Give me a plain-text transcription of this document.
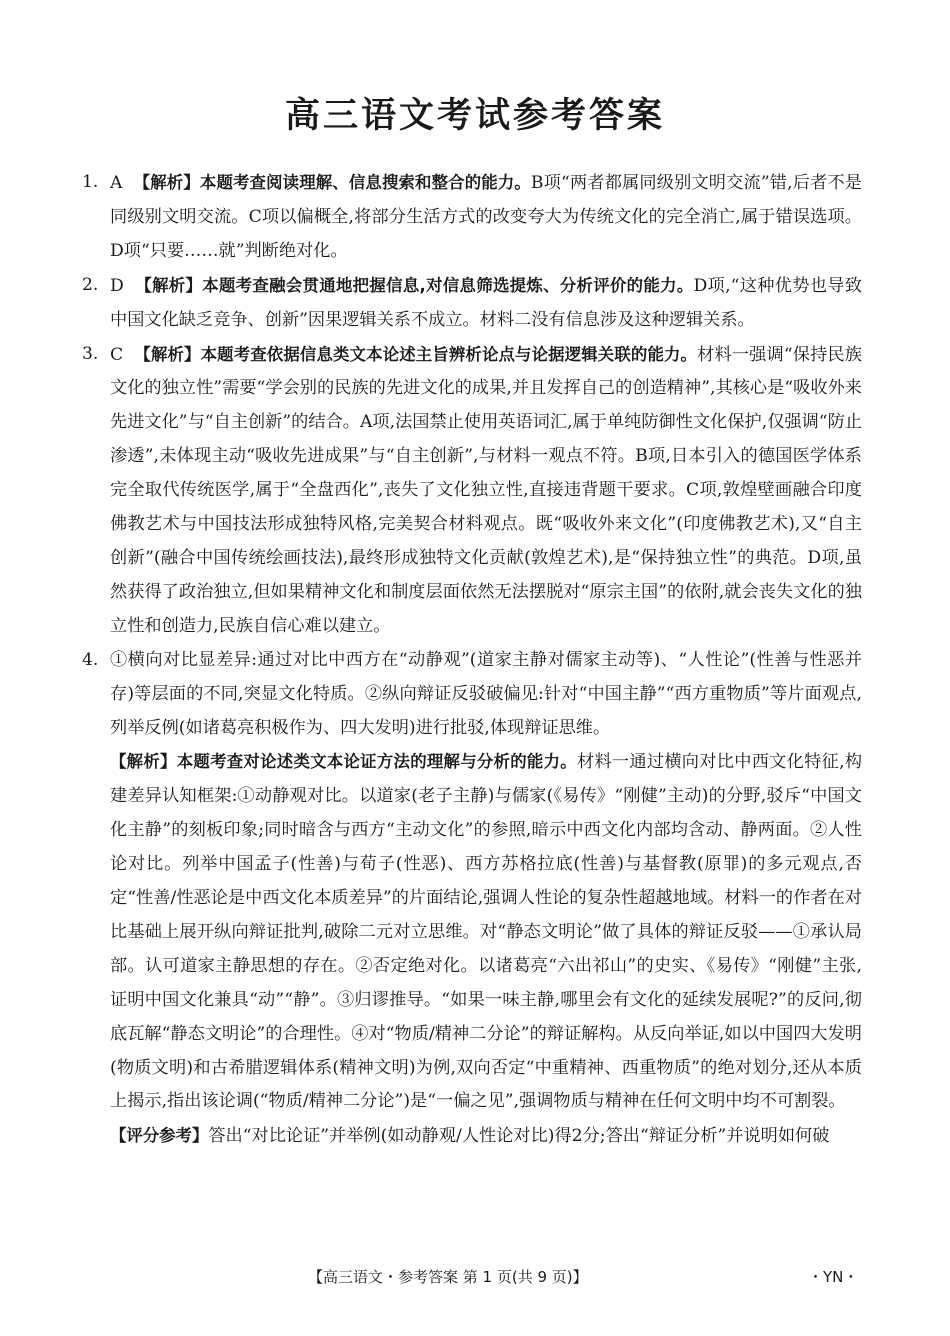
高三语文考试参考答案
1. A 【解析】本题考查阅读理解、信息搜索和整合的能力。B项“两者都属同级别文明交流”错,后者不是同级别文明交流。C项以偏概全,将部分生活方式的改变夸大为传统文化的完全消亡,属于错误选项。D项“只要……就”判断绝对化。
2. D 【解析】本题考查融会贯通地把握信息,对信息筛选提炼、分析评价的能力。D项,“这种优势也导致中国文化缺乏竞争、创新”因果逻辑关系不成立。材料二没有信息涉及这种逻辑关系。
3. C 【解析】本题考查依据信息类文本论述主旨辨析论点与论据逻辑关联的能力。材料一强调“保持民族文化的独立性”需要“学会别的民族的先进文化的成果,并且发挥自己的创造精神”,其核心是“吸收外来先进文化”与“自主创新”的结合。A项,法国禁止使用英语词汇,属于单纯防御性文化保护,仅强调“防止渗透”,未体现主动“吸收先进成果”与“自主创新”,与材料一观点不符。B项,日本引入的德国医学体系完全取代传统医学,属于“全盘西化”,丧失了文化独立性,直接违背题干要求。C项,敦煌壁画融合印度佛教艺术与中国技法形成独特风格,完美契合材料观点。既“吸收外来文化”(印度佛教艺术),又“自主创新”(融合中国传统绘画技法),最终形成独特文化贡献(敦煌艺术),是“保持独立性”的典范。D项,虽然获得了政治独立,但如果精神文化和制度层面依然无法摆脱对“原宗主国”的依附,就会丧失文化的独立性和创造力,民族自信心难以建立。
4. ①横向对比显差异:通过对比中西方在“动静观”(道家主静对儒家主动等)、“人性论”(性善与性恶并存)等层面的不同,突显文化特质。②纵向辩证反驳破偏见:针对“中国主静”“西方重物质”等片面观点,列举反例(如诸葛亮积极作为、四大发明)进行批驳,体现辩证思维。
【解析】本题考查对论述类文本论证方法的理解与分析的能力。材料一通过横向对比中西文化特征,构建差异认知框架:①动静观对比。以道家(老子主静)与儒家(《易传》“刚健”主动)的分野,驳斥“中国文化主静”的刻板印象;同时暗含与西方“主动文化”的参照,暗示中西文化内部均含动、静两面。②人性论对比。列举中国孟子(性善)与荀子(性恶)、西方苏格拉底(性善)与基督教(原罪)的多元观点,否定“性善/性恶论是中西文化本质差异”的片面结论,强调人性论的复杂性超越地域。材料一的作者在对比基础上展开纵向辩证批判,破除二元对立思维。对“静态文明论”做了具体的辩证反驳——①承认局部。认可道家主静思想的存在。②否定绝对化。以诸葛亮“六出祁山”的史实、《易传》“刚健”主张,证明中国文化兼具“动”“静”。③归谬推导。“如果一味主静,哪里会有文化的延续发展呢?”的反问,彻底瓦解“静态文明论”的合理性。④对“物质/精神二分论”的辩证解构。从反向举证,如以中国四大发明(物质文明)和古希腊逻辑体系(精神文明)为例,双向否定“中重精神、西重物质”的绝对划分,还从本质上揭示,指出该论调(“物质/精神二分论”)是“一偏之见”,强调物质与精神在任何文明中均不可割裂。
【评分参考】答出“对比论证”并举例(如动静观/人性论对比)得2分;答出“辩证分析”并说明如何破
【高三语文・参考答案 第 1 页(共 9 页)】	・YN・
